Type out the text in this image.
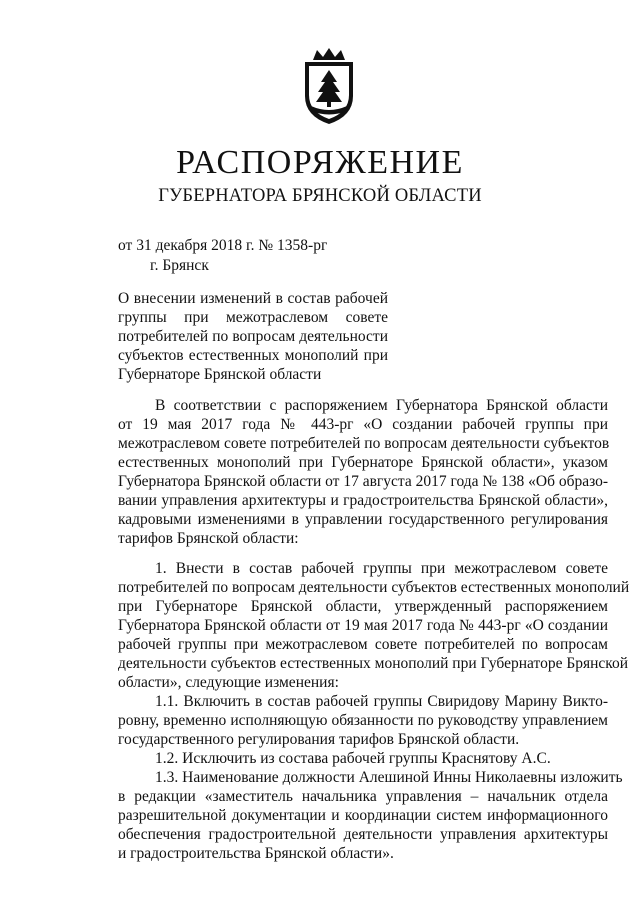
РАСПОРЯЖЕНИЕ
ГУБЕРНАТОРА БРЯНСКОЙ ОБЛАСТИ
от 31 декабря 2018 г. № 1358-рг
г. Брянск
О внесении изменений в состав рабочей
группы при межотраслевом совете
потребителей по вопросам деятельности
субъектов естественных монополий при
Губернаторе Брянской области
В соответствии с распоряжением Губернатора Брянской области
от 19 мая 2017 года № 443-рг «О создании рабочей группы при
межотраслевом совете потребителей по вопросам деятельности субъектов
естественных монополий при Губернаторе Брянской области», указом
Губернатора Брянской области от 17 августа 2017 года № 138 «Об образо-
вании управления архитектуры и градостроительства Брянской области»,
кадровыми изменениями в управлении государственного регулирования
тарифов Брянской области:
1. Внести в состав рабочей группы при межотраслевом совете
потребителей по вопросам деятельности субъектов естественных монополий
при Губернаторе Брянской области, утвержденный распоряжением
Губернатора Брянской области от 19 мая 2017 года № 443-рг «О создании
рабочей группы при межотраслевом совете потребителей по вопросам
деятельности субъектов естественных монополий при Губернаторе Брянской
области», следующие изменения:
1.1. Включить в состав рабочей группы Свиридову Марину Викто-
ровну, временно исполняющую обязанности по руководству управлением
государственного регулирования тарифов Брянской области.
1.2. Исключить из состава рабочей группы Краснятову А.С.
1.3. Наименование должности Алешиной Инны Николаевны изложить
в редакции «заместитель начальника управления – начальник отдела
разрешительной документации и координации систем информационного
обеспечения градостроительной деятельности управления архитектуры
и градостроительства Брянской области».
